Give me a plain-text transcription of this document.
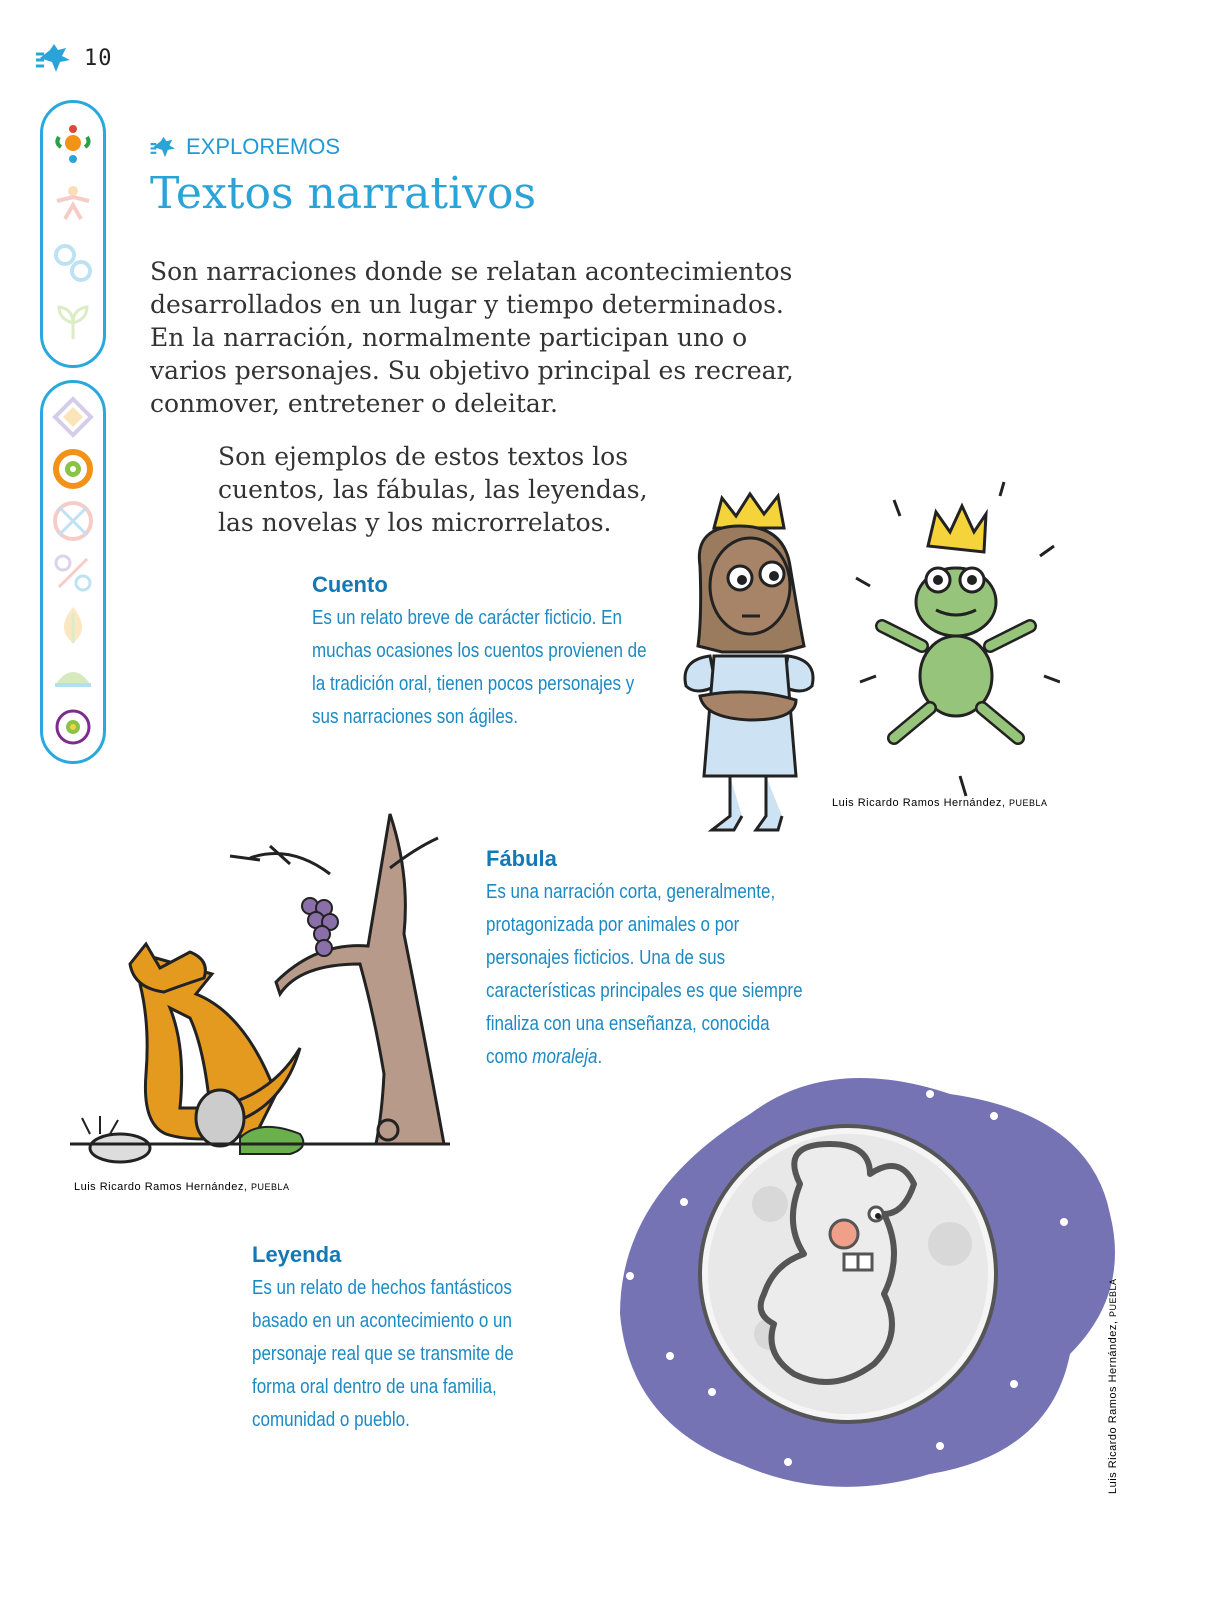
10
EXPLOREMOS
Textos narrativos

Son narraciones donde se relatan acontecimientos desarrollados en un lugar y tiempo determinados. En la narración, normalmente participan uno o varios personajes. Su objetivo principal es recrear, conmover, entretener o deleitar.

Son ejemplos de estos textos los cuentos, las fábulas, las leyendas, las novelas y los microrrelatos.

Cuento

Es un relato breve de carácter ficticio. En muchas ocasiones los cuentos provienen de la tradición oral, tienen pocos personajes y sus narraciones son ágiles.

Luis Ricardo Ramos Hernández, PUEBLA
Luis Ricardo Ramos Hernández, PUEBLA

Fábula

Es una narración corta, generalmente, protagonizada por animales o por personajes ficticios. Una de sus características principales es que siempre finaliza con una enseñanza, conocida como moraleja.

Leyenda

Es un relato de hechos fantásticos basado en un acontecimiento o un personaje real que se transmite de forma oral dentro de una familia, comunidad o pueblo.	Luis Ricardo Ramos Hernández, PUEBLA
